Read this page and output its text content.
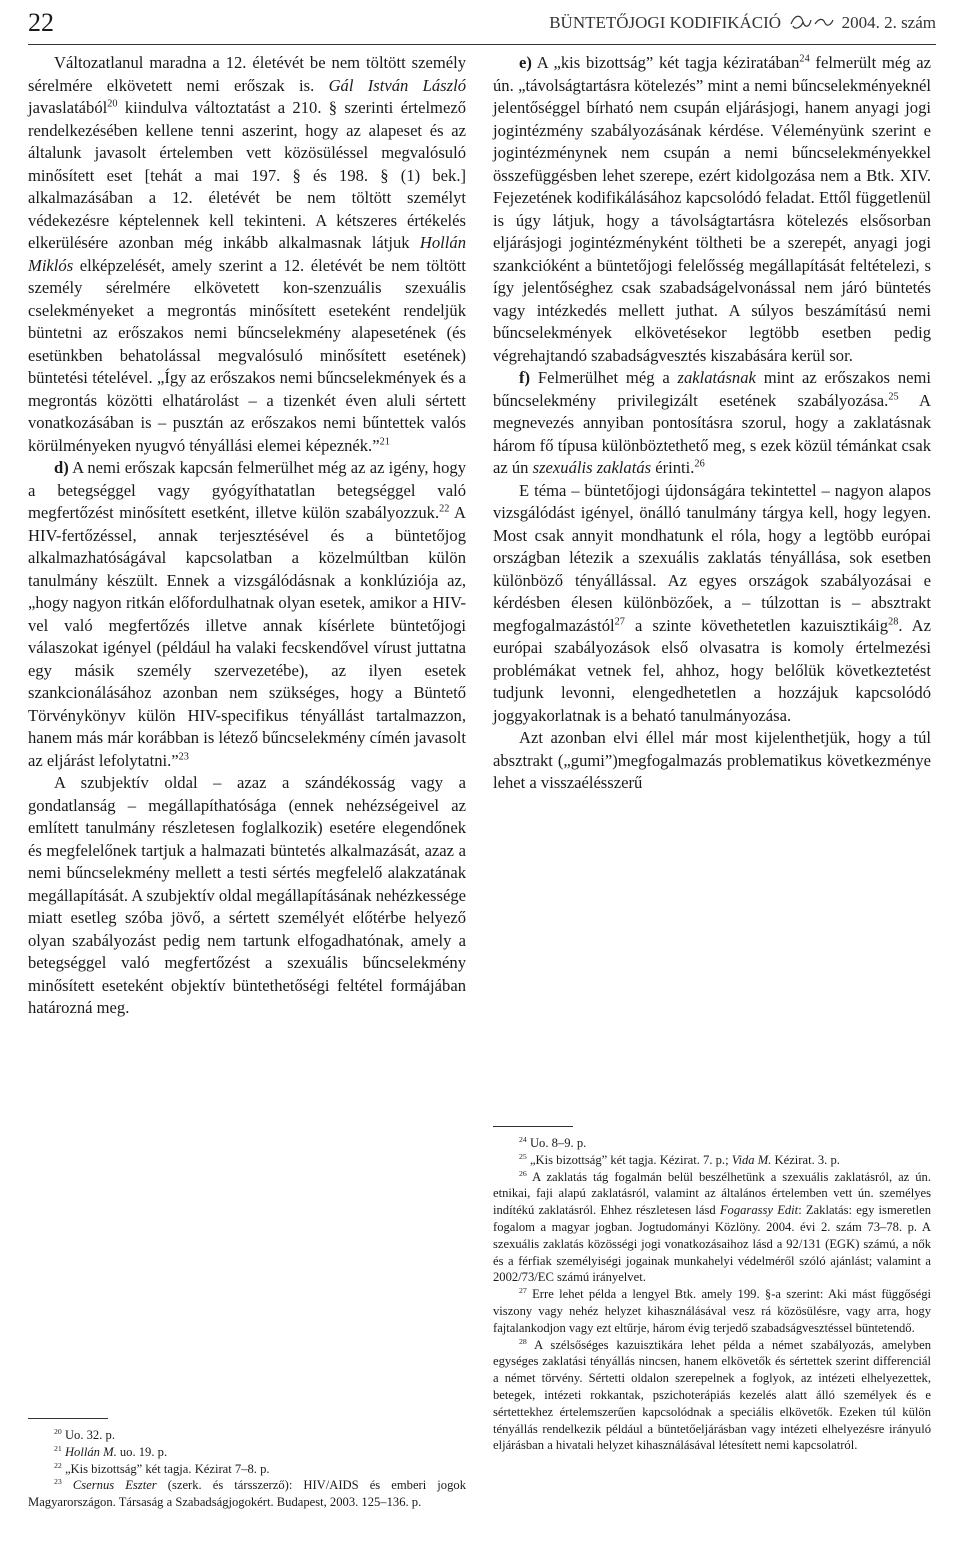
22	BÜNTETŐJOGI KODIFIKÁCIÓ	2004. 2. szám

Változatlanul maradna a 12. életévét be nem töltött személy sérelmére elkövetett nemi erőszak is. Gál István László javaslatából$^{20}$ kiindulva változtatást a 210. § szerinti értelmező rendelkezésében kellene tenni aszerint, hogy az alapeset és az általunk javasolt értelemben vett közösüléssel megvalósuló minősített eset [tehát a mai 197. § és 198. § (1) bek.] alkalmazásában a 12. életévét be nem töltött személyt védekezésre képtelennek kell tekinteni. A kétszeres értékelés elkerülésére azonban még inkább alkalmasnak látjuk Hollán Miklós elképzelését, amely szerint a 12. életévét be nem töltött személy sérelmére elkövetett kon-szenzuális szexuális cselekményeket a megrontás minősített eseteként rendeljük büntetni az erőszakos nemi bűncselekmény alapesetének (és esetünkben behatolással megvalósuló minősített esetének) büntetési tételével. „Így az erőszakos nemi bűncselekmények és a megrontás közötti elhatárolást – a tizenkét éven aluli sértett vonatkozásában is – pusztán az erőszakos nemi bűntettek valós körülményeken nyugvó tényállási elemei képeznék.”$^{21}$

d) A nemi erőszak kapcsán felmerülhet még az az igény, hogy a betegséggel vagy gyógyíthatatlan betegséggel való megfertőzést minősített esetként, illetve külön szabályozzuk.$^{22}$ A HIV-fertőzéssel, annak terjesztésével és a büntetőjog alkalmazhatóságával kapcsolatban a közelmúltban külön tanulmány készült. Ennek a vizsgálódásnak a konklúziója az, „hogy nagyon ritkán előfordulhatnak olyan esetek, amikor a HIV-vel való megfertőzés illetve annak kísérlete büntetőjogi válaszokat igényel (például ha valaki fecskendővel vírust juttatna egy másik személy szervezetébe), az ilyen esetek szankcionálásához azonban nem szükséges, hogy a Büntető Törvénykönyv külön HIV-specifikus tényállást tartalmazzon, hanem más már korábban is létező bűncselekmény címén javasolt az eljárást lefolytatni.”$^{23}$

A szubjektív oldal – azaz a szándékosság vagy a gondatlanság – megállapíthatósága (ennek nehézségeivel az említett tanulmány részletesen foglalkozik) esetére elegendőnek és megfelelőnek tartjuk a halmazati büntetés alkalmazását, azaz a nemi bűncselekmény mellett a testi sértés megfelelő alakzatának megállapítását. A szubjektív oldal megállapításának nehézkessége miatt esetleg szóba jövő, a sértett személyét előtérbe helyező olyan szabályozást pedig nem tartunk elfogadhatónak, amely a betegséggel való megfertőzést a szexuális bűncselekmény minősített eseteként objektív büntethetőségi feltétel formájában határozná meg.

e) A „kis bizottság” két tagja kéziratában$^{24}$ felmerült még az ún. „távolságtartásra kötelezés” mint a nemi bűncselekményeknél jelentőséggel bírható nem csupán eljárásjogi, hanem anyagi jogi jogintézmény szabályozásának kérdése. Véleményünk szerint e jogintézménynek nem csupán a nemi bűncselekményekkel összefüggésben lehet szerepe, ezért kidolgozása nem a Btk. XIV. Fejezetének kodifikálásához kapcsolódó feladat. Ettől függetlenül is úgy látjuk, hogy a távolságtartásra kötelezés elsősorban eljárásjogi jogintézményként töltheti be a szerepét, anyagi jogi szankcióként a büntetőjogi felelősség megállapítását feltételezi, s így jelentőséghez csak szabadságelvonással nem járó büntetés vagy intézkedés mellett juthat. A súlyos beszámítású nemi bűncselekmények elkövetésekor legtöbb esetben pedig végrehajtandó szabadságvesztés kiszabására kerül sor.

f) Felmerülhet még a zaklatásnak mint az erőszakos nemi bűncselekmény privilegizált esetének szabályozása.$^{25}$ A megnevezés annyiban pontosításra szorul, hogy a zaklatásnak három fő típusa különböztethető meg, s ezek közül témánkat csak az ún szexuális zaklatás érinti.$^{26}$

E téma – büntetőjogi újdonságára tekintettel – nagyon alapos vizsgálódást igényel, önálló tanulmány tárgya kell, hogy legyen. Most csak annyit mondhatunk el róla, hogy a legtöbb európai országban létezik a szexuális zaklatás tényállása, sok esetben különböző tényállással. Az egyes országok szabályozásai e kérdésben élesen különbözőek, a – túlzottan is – absztrakt megfogalmazástól$^{27}$ a szinte követhetetlen kazuisztikáig$^{28}$. Az európai szabályozások első olvasatra is komoly értelmezési problémákat vetnek fel, ahhoz, hogy belőlük következtetést tudjunk levonni, elengedhetetlen a hozzájuk kapcsolódó joggyakorlatnak is a beható tanulmányozása.

Azt azonban elvi éllel már most kijelenthetjük, hogy a túl absztrakt („gumi”)megfogalmazás problematikus következménye lehet a visszaélésszerű

$^{20}$ Uo. 32. p.

$^{21}$ Hollán M. uo. 19. p.

$^{22}$ „Kis bizottság” két tagja. Kézirat 7–8. p.

$^{23}$ Csernus Eszter (szerk. és társszerző): HIV/AIDS és emberi jogok Magyarországon. Társaság a Szabadságjogokért. Budapest, 2003. 125–136. p.

$^{24}$ Uo. 8–9. p.

$^{25}$ „Kis bizottság” két tagja. Kézirat. 7. p.; Vida M. Kézirat. 3. p.

$^{26}$ A zaklatás tág fogalmán belül beszélhetünk a szexuális zaklatásról, az ún. etnikai, faji alapú zaklatásról, valamint az általános értelemben vett ún. személyes indítékú zaklatásról. Ehhez részletesen lásd Fogarassy Edit: Zaklatás: egy ismeretlen fogalom a magyar jogban. Jogtudományi Közlöny. 2004. évi 2. szám 73–78. p. A szexuális zaklatás közösségi jogi vonatkozásaihoz lásd a 92/131 (EGK) számú, a nők és a férfiak személyiségi jogainak munkahelyi védelméről szóló ajánlást; valamint a 2002/73/EC számú irányelvet.

$^{27}$ Erre lehet példa a lengyel Btk. amely 199. §-a szerint: Aki mást függőségi viszony vagy nehéz helyzet kihasználásával vesz rá közösülésre, vagy arra, hogy fajtalankodjon vagy ezt eltűrje, három évig terjedő szabadságvesztéssel büntetendő.

$^{28}$ A szélsőséges kazuisztikára lehet példa a német szabályozás, amelyben egységes zaklatási tényállás nincsen, hanem elkövetők és sértettek szerint differenciál a német törvény. Sértetti oldalon szerepelnek a foglyok, az intézeti elhelyezettek, betegek, intézeti rokkantak, pszichoterápiás kezelés alatt álló személyek és e sértettekhez értelemszerűen kapcsolódnak a speciális elkövetők. Ezeken túl külön tényállás rendelkezik például a büntetőeljárásban vagy intézeti elhelyezésre irányuló eljárásban a hivatali helyzet kihasználásával létesített nemi kapcsolatról.
